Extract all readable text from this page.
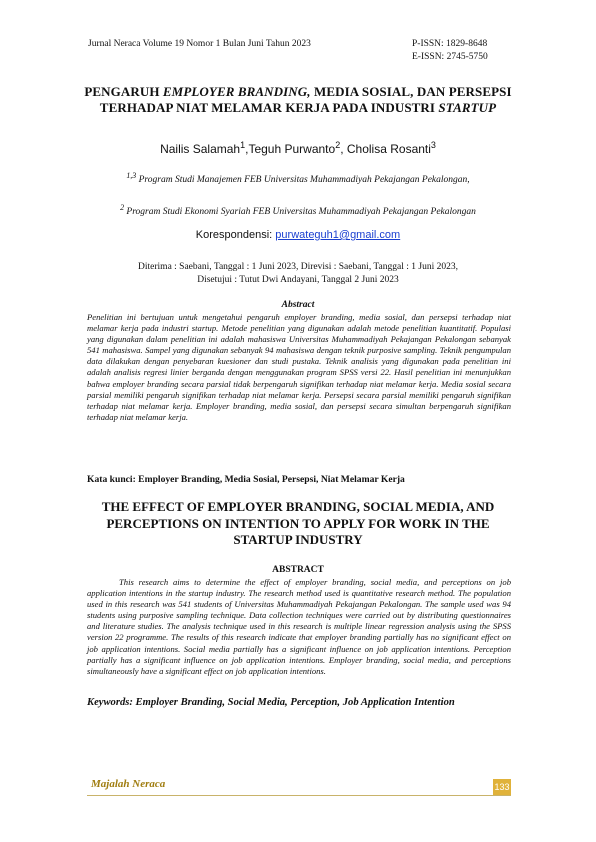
Jurnal Neraca Volume 19 Nomor 1 Bulan Juni Tahun 2023	P-ISSN: 1829-8648
E-ISSN: 2745-5750
PENGARUH EMPLOYER BRANDING, MEDIA SOSIAL, DAN PERSEPSI TERHADAP NIAT MELAMAR KERJA PADA INDUSTRI STARTUP
Nailis Salamah$^1$,Teguh Purwanto$^2$, Cholisa Rosanti$^3$
$^{1,3}$ Program Studi Manajemen FEB Universitas Muhammadiyah Pekajangan Pekalongan,
$^2$ Program Studi Ekonomi Syariah FEB Universitas Muhammadiyah Pekajangan Pekalongan
Korespondensi: purwateguh1@gmail.com
Diterima : Saebani, Tanggal : 1 Juni 2023, Direvisi : Saebani, Tanggal : 1 Juni 2023,
Disetujui : Tutut Dwi Andayani, Tanggal 2 Juni 2023
Abstract
Penelitian ini bertujuan untuk mengetahui pengaruh employer branding, media sosial, dan persepsi terhadap niat melamar kerja pada industri startup. Metode penelitian yang digunakan adalah metode penelitian kuantitatif. Populasi yang digunakan dalam penelitian ini adalah mahasiswa Universitas Muhammadiyah Pekajangan Pekalongan sebanyak 541 mahasiswa. Sampel yang digunakan sebanyak 94 mahasiswa dengan teknik purposive sampling. Teknik pengumpulan data dilakukan dengan penyebaran kuesioner dan studi pustaka. Teknik analisis yang digunakan pada penelitian ini adalah analisis regresi linier berganda dengan menggunakan program SPSS versi 22. Hasil penelitian ini menunjukkan bahwa employer branding secara parsial tidak berpengaruh signifikan terhadap niat melamar kerja. Media sosial secara parsial memiliki pengaruh signifikan terhadap niat melamar kerja. Persepsi secara parsial memiliki pengaruh signifikan terhadap niat melamar kerja. Employer branding, media sosial, dan persepsi secara simultan berpengaruh signifikan terhadap niat melamar kerja.
Kata kunci: Employer Branding, Media Sosial, Persepsi, Niat Melamar Kerja
THE EFFECT OF EMPLOYER BRANDING, SOCIAL MEDIA, AND PERCEPTIONS ON INTENTION TO APPLY FOR WORK IN THE STARTUP INDUSTRY
ABSTRACT

This research aims to determine the effect of employer branding, social media, and perceptions on job application intentions in the startup industry. The research method used is quantitative research method. The population used in this research was 541 students of Universitas Muhammadiyah Pekajangan Pekalongan. The sample used was 94 students using purposive sampling technique. Data collection techniques were carried out by distributing questionnaires and literature studies. The analysis technique used in this research is multiple linear regression analysis using the SPSS version 22 programme. The results of this research indicate that employer branding partially has no significant effect on job application intentions. Social media partially has a significant influence on job application intentions. Perception partially has a significant influence on job application intentions. Employer branding, social media, and perceptions simultaneously have a significant effect on job application intentions.

Keywords: Employer Branding, Social Media, Perception, Job Application Intention
Majalah Neraca	133
